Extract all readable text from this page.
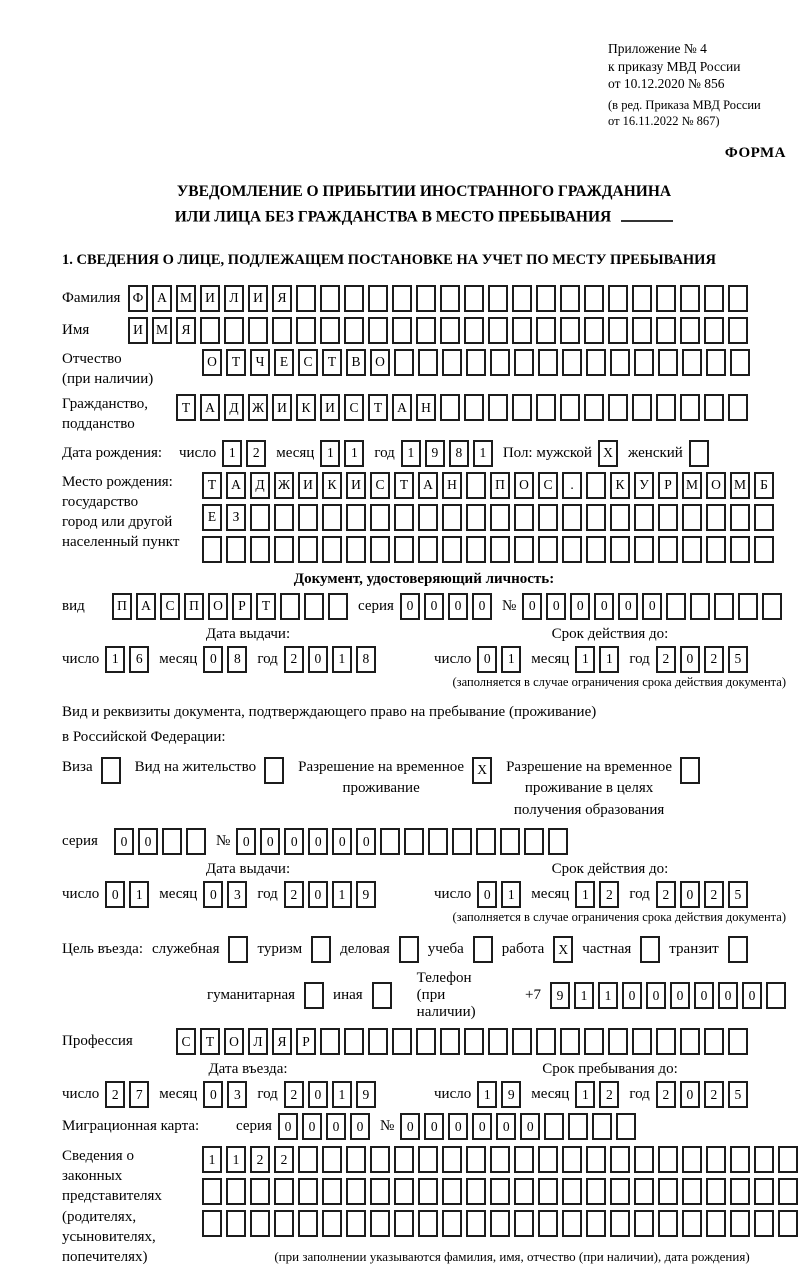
Приложение № 4
к приказу МВД России
от 10.12.2020 № 856
(в ред. Приказа МВД России
от 16.11.2022 № 867)
ФОРМА
УВЕДОМЛЕНИЕ О ПРИБЫТИИ ИНОСТРАННОГО ГРАЖДАНИНА
ИЛИ ЛИЦА БЕЗ ГРАЖДАНСТВА В МЕСТО ПРЕБЫВАНИЯ
1. СВЕДЕНИЯ О ЛИЦЕ, ПОДЛЕЖАЩЕМ ПОСТАНОВКЕ НА УЧЕТ ПО МЕСТУ ПРЕБЫВАНИЯ
Фамилия Ф	А М И	Л	И	Я
Имя	И М Я
Отчество
(при наличии)
О	Т	Ч	Е	С	Т	В	О
Гражданство,
подданство
Т	А	Д Ж И	К	И	С	Т	А	Н
Дата рождения:	число 1	2	месяц 1	1	год 1	9	8	1	Пол: мужской X	женский
Место рождения:
государство
город или другой
населенный пункт
Т	А	Д Ж И	К	И	С	Т	А	Н	П	О	С	.	К	У	Р	М О М	Б
Е	З
Документ, удостоверяющий личность:
вид	П	А	С	П	О	Р	Т	серия 0	0	0	0	№ 0	0	0	0	0	0
Дата выдачи:
число 1	6	месяц 0	8	год 2	0	1	8
Срок действия до:
число 0	1	месяц 1	1	год 2	0	2	5
(заполняется в случае ограничения срока действия документа)
Вид и реквизиты документа, подтверждающего право на пребывание (проживание)
в Российской Федерации:
Виза	Вид на жительство	Разрешение на временное
проживание
X	Разрешение на временное
проживание в целях
получения образования
серия	0	0	№ 0	0	0	0	0	0
Дата выдачи:
число 0	1	месяц 0	3	год 2	0	1	9
Срок действия до:
число 0	1	месяц 1	2	год 2	0	2	5
(заполняется в случае ограничения срока действия документа)
Цель въезда: служебная	туризм	деловая	учеба	работа	X частная	транзит
гуманитарная	иная
Телефон (при наличии)
+7	9	1	1	0	0	0	0	0	0
Профессия	С	Т	О	Л	Я	Р
Дата въезда:
число 2	7	месяц 0	3	год 2	0	1	9
Срок пребывания до:
число 1	9	месяц 1	2	год 2	0	2	5
Миграционная карта:	серия 0	0	0	0	№ 0	0	0	0	0	0
Сведения о
законных
представителях
(родителях,
усыновителях,
попечителях)
1	1	2	2
(при заполнении указываются фамилия, имя, отчество (при наличии), дата рождения)
